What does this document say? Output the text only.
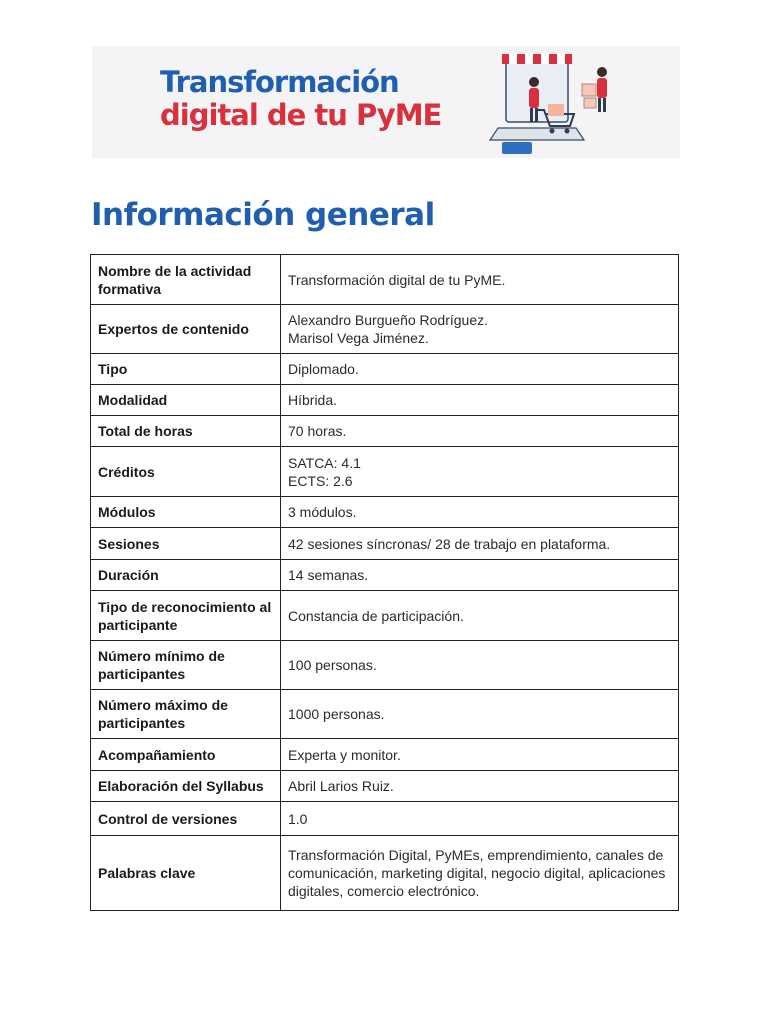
Transformación
digital de tu PyME
Información general
Nombre de la actividad formativa	Transformación digital de tu PyME.
Expertos de contenido	Alexandro Burgueño Rodríguez.
Marisol Vega Jiménez.
Tipo	Diplomado.
Modalidad	Híbrida.
Total de horas	70 horas.
Créditos	SATCA: 4.1
ECTS: 2.6
Módulos	3 módulos.
Sesiones	42 sesiones síncronas/ 28 de trabajo en plataforma.
Duración	14 semanas.
Tipo de reconocimiento al participante	Constancia de participación.
Número mínimo de participantes	100 personas.
Número máximo de participantes	1000 personas.
Acompañamiento	Experta y monitor.
Elaboración del Syllabus	Abril Larios Ruiz.
Control de versiones	1.0
Palabras clave	Transformación Digital, PyMEs, emprendimiento, canales de comunicación, marketing digital, negocio digital, aplicaciones digitales, comercio electrónico.
